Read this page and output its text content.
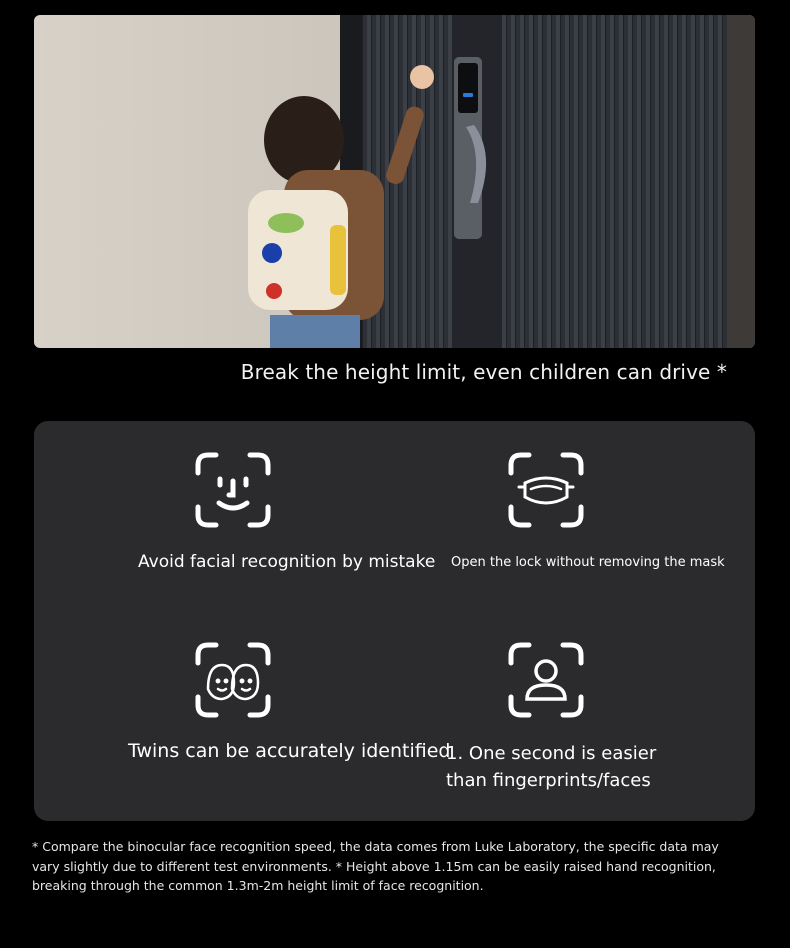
Break the height limit, even children can drive *
Avoid facial recognition by mistake Open the lock without removing the mask
Twins can be accurately identified
1. One second is easier
than fingerprints/faces
* Compare the binocular face recognition speed, the data comes from Luke Laboratory, the specific data may vary slightly due to different test environments. * Height above 1.15m can be easily raised hand recognition, breaking through the common 1.3m-2m height limit of face recognition.
